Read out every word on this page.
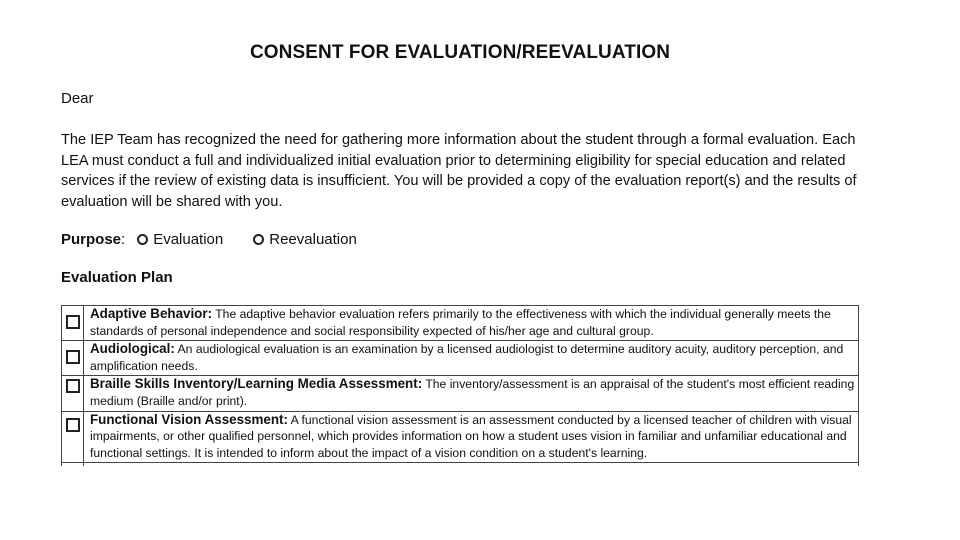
CONSENT FOR EVALUATION/REEVALUATION
Dear
The IEP Team has recognized the need for gathering more information about the student through a formal evaluation. Each LEA must conduct a full and individualized initial evaluation prior to determining eligibility for special education and related services if the review of existing data is insufficient. You will be provided a copy of the evaluation report(s) and the results of evaluation will be shared with you.
Purpose : Evaluation	Reevaluation
Evaluation Plan
	Adaptive Behavior: The adaptive behavior evaluation refers primarily to the effectiveness with which the individual generally meets the standards of personal independence and social responsibility expected of his/her age and cultural group.
	Audiological: An audiological evaluation is an examination by a licensed audiologist to determine auditory acuity, auditory perception, and amplification needs.
	Braille Skills Inventory/Learning Media Assessment: The inventory/assessment is an appraisal of the student's most efficient reading medium (Braille and/or print).
	Functional Vision Assessment: A functional vision assessment is an assessment conducted by a licensed teacher of children with visual impairments, or other qualified personnel, which provides information on how a student uses vision in familiar and unfamiliar educational and functional settings. It is intended to inform about the impact of a vision condition on a student's learning.
